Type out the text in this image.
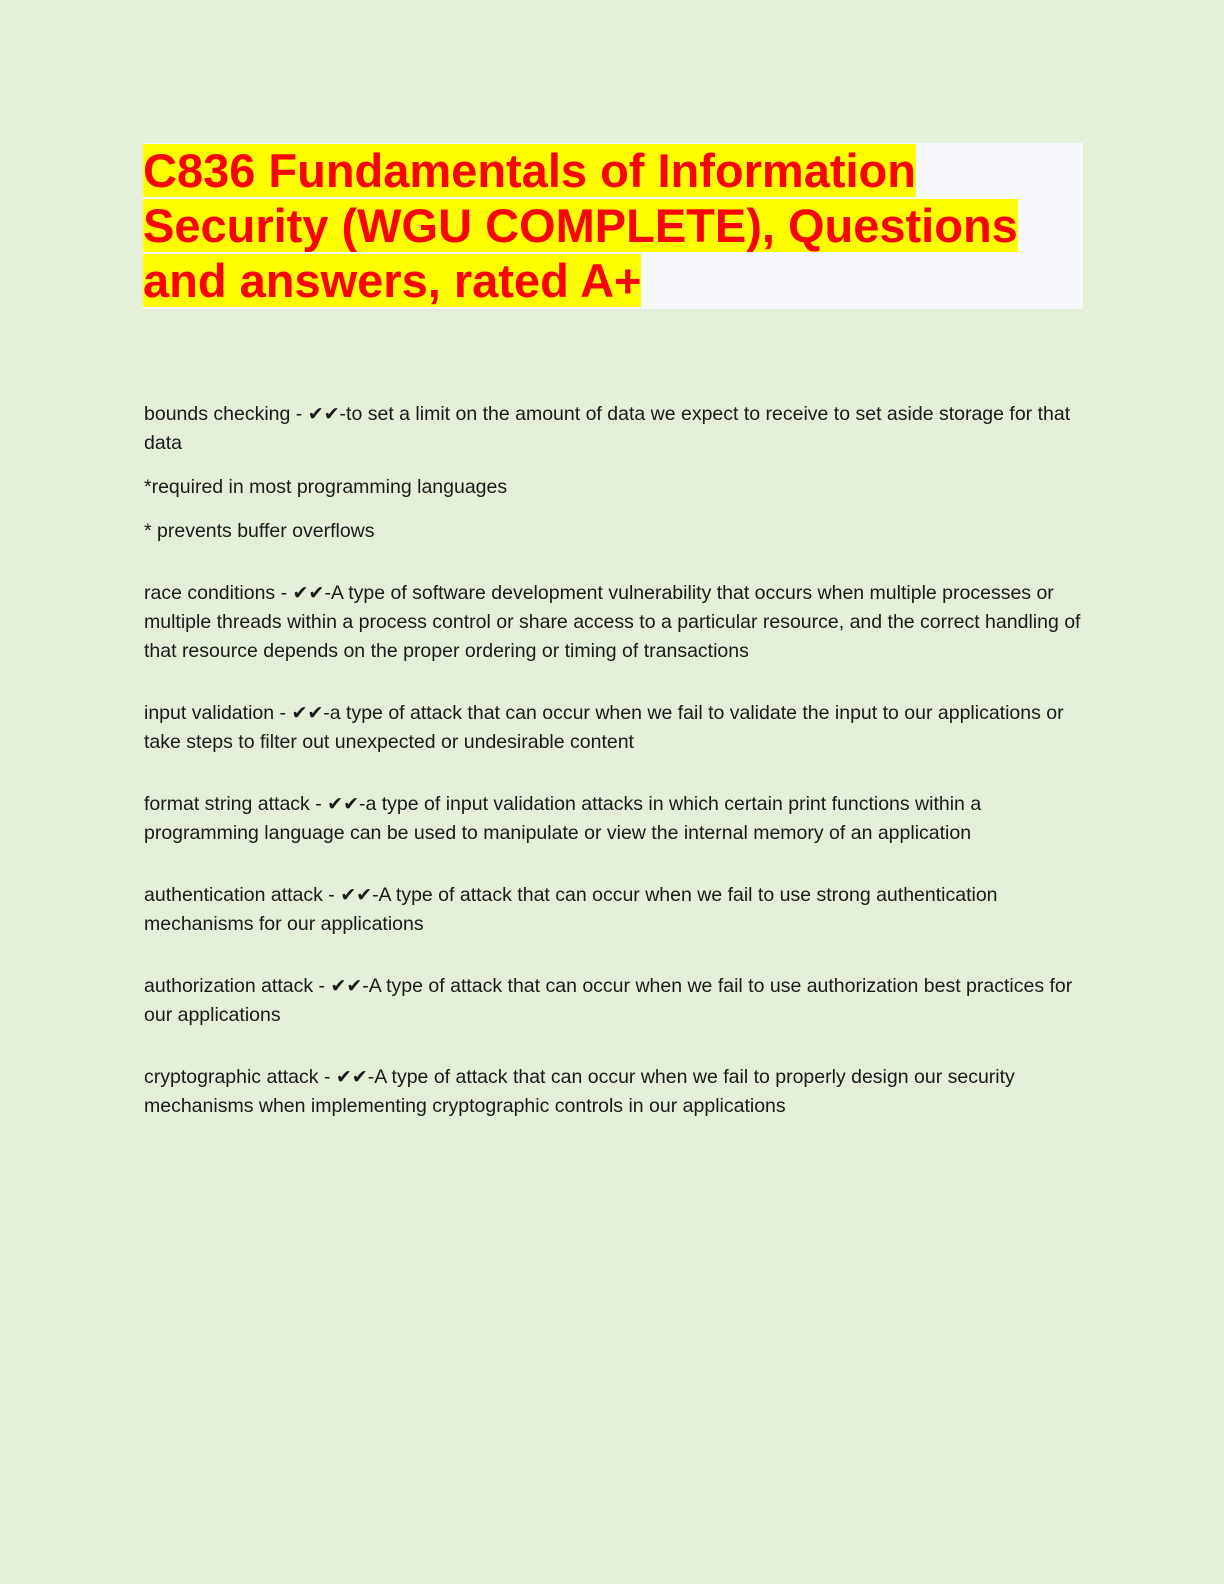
C836 Fundamentals of Information Security (WGU COMPLETE), Questions and answers, rated A+

bounds checking - ✔✔-to set a limit on the amount of data we expect to receive to set aside storage for that data

*required in most programming languages

* prevents buffer overflows

race conditions - ✔✔-A type of software development vulnerability that occurs when multiple processes or multiple threads within a process control or share access to a particular resource, and the correct handling of that resource depends on the proper ordering or timing of transactions

input validation - ✔✔-a type of attack that can occur when we fail to validate the input to our applications or take steps to filter out unexpected or undesirable content

format string attack - ✔✔-a type of input validation attacks in which certain print functions within a programming language can be used to manipulate or view the internal memory of an application

authentication attack - ✔✔-A type of attack that can occur when we fail to use strong authentication mechanisms for our applications

authorization attack - ✔✔-A type of attack that can occur when we fail to use authorization best practices for our applications

cryptographic attack - ✔✔-A type of attack that can occur when we fail to properly design our security mechanisms when implementing cryptographic controls in our applications
